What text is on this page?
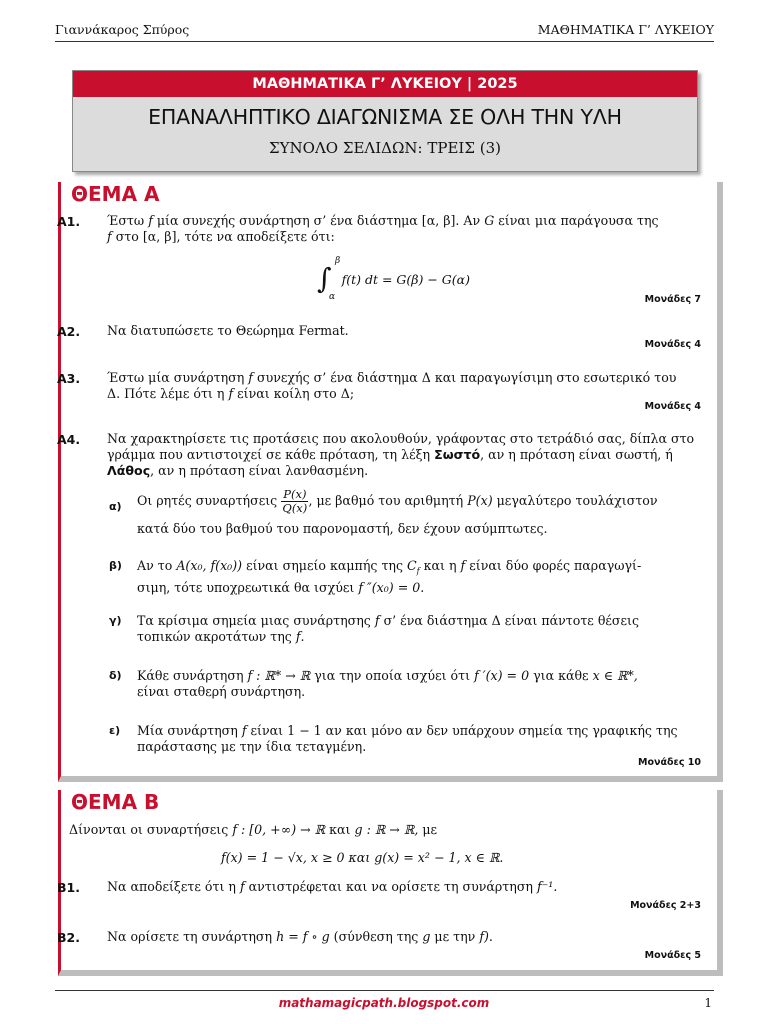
Γιαννάκαρος Σπύρος	ΜΑΘΗΜΑΤΙΚΑ Γ’ ΛΥΚΕΙΟΥ
ΜΑΘΗΜΑΤΙΚΑ Γ’ ΛΥΚΕΙΟΥ | 2025
ΕΠΑΝΑΛΗΠΤΙΚΟ ΔΙΑΓΩΝΙΣΜΑ ΣΕ ΟΛΗ ΤΗΝ ΥΛΗ
ΣΥΝΟΛΟ ΣΕΛΙΔΩΝ: ΤΡΕΙΣ (3)
ΘΕΜΑ Α
Α1. Έστω f μία συνεχής συνάρτηση σ’ ένα διάστημα [α, β]. Αν G είναι μια παράγουσα της
f στο [α, β], τότε να αποδείξετε ότι:
∫
β
α
f(t) dt = G(β) − G(α)
Μονάδες 7
Α2. Να διατυπώσετε το Θεώρημα Fermat.
Μονάδες 4
Α3. Έστω μία συνάρτηση f συνεχής σ’ ένα διάστημα Δ και παραγωγίσιμη στο εσωτερικό του
Δ. Πότε λέμε ότι η f είναι κοίλη στο Δ;
Μονάδες 4
Α4. Να χαρακτηρίσετε τις προτάσεις που ακολουθούν, γράφοντας στο τετράδιό σας, δίπλα στο
γράμμα που αντιστοιχεί σε κάθε πρόταση, τη λέξη Σωστό, αν η πρόταση είναι σωστή, ή
Λάθος, αν η πρόταση είναι λανθασμένη.
α) Οι ρητές συναρτήσεις $\frac{P(x)}{Q(x)}$ , με βαθμό του αριθμητή P(x) μεγαλύτερο τουλάχιστον
κατά δύο του βαθμού του παρονομαστή, δεν έχουν ασύμπτωτες.
β) Αν το A(x₀, f(x₀)) είναι σημείο καμπής της $C_f$ και η f είναι δύο φορές παραγωγί-
σιμη, τότε υποχρεωτικά θα ισχύει f ″(x₀) = 0.
γ) Τα κρίσιμα σημεία μιας συνάρτησης f σ’ ένα διάστημα Δ είναι πάντοτε θέσεις
τοπικών ακροτάτων της f.
δ) Κάθε συνάρτηση f : ℝ* → ℝ για την οποία ισχύει ότι f ′(x) = 0 για κάθε x ∈ ℝ*,
είναι σταθερή συνάρτηση.
ε) Μία συνάρτηση f είναι 1 − 1 αν και μόνο αν δεν υπάρχουν σημεία της γραφικής της
παράστασης με την ίδια τεταγμένη.
Μονάδες 10
ΘΕΜΑ Β
Δίνονται οι συναρτήσεις f : [0, +∞) → ℝ και g : ℝ → ℝ, με
f(x) = 1 − √x, x ≥ 0 και g(x) = x² − 1, x ∈ ℝ.
Β1. Να αποδείξετε ότι η f αντιστρέφεται και να ορίσετε τη συνάρτηση f⁻¹.
Μονάδες 2+3
Β2. Να ορίσετε τη συνάρτηση h = f ∘ g (σύνθεση της g με την f).
Μονάδες 5
mathamagicpath.blogspot.com	1
